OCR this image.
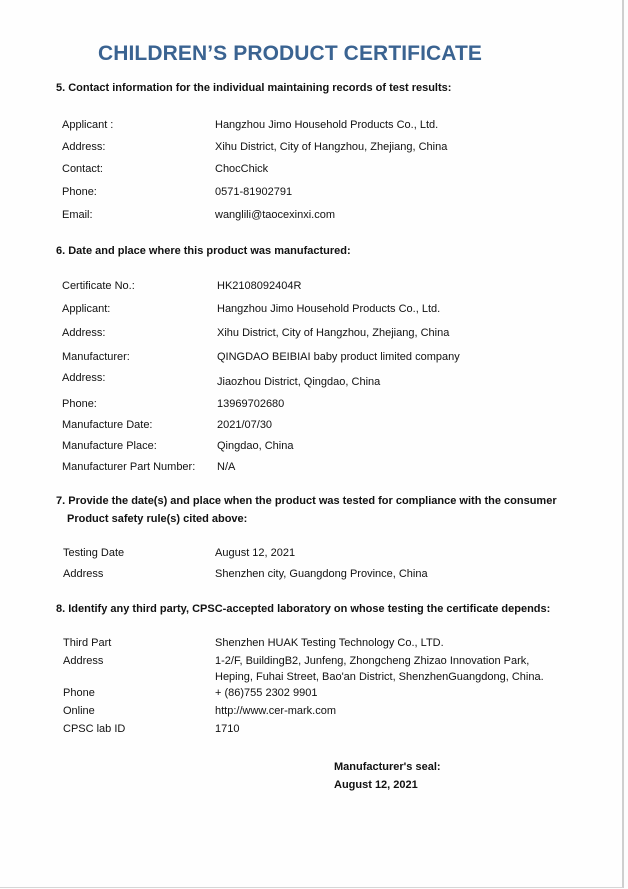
CHILDREN’S PRODUCT CERTIFICATE
5. Contact information for the individual maintaining records of test results:
Applicant :	Hangzhou Jimo Household Products Co., Ltd.
Address:	Xihu District, City of Hangzhou, Zhejiang, China
Contact:	ChocChick
Phone:	0571-81902791
Email:	wanglili@taocexinxi.com
6. Date and place where this product was manufactured:
Certificate No.:	HK2108092404R
Applicant:	Hangzhou Jimo Household Products Co., Ltd.
Address:	Xihu District, City of Hangzhou, Zhejiang, China
Manufacturer:	QINGDAO BEIBIAI baby product limited company
Address:	Jiaozhou District, Qingdao, China
Phone:	13969702680
Manufacture Date:	2021/07/30
Manufacture Place:	Qingdao, China
Manufacturer Part Number: N/A
7. Provide the date(s) and place when the product was tested for compliance with the consumer
Product safety rule(s) cited above:
Testing Date	August 12, 2021
Address	Shenzhen city, Guangdong Province, China
8. Identify any third party, CPSC-accepted laboratory on whose testing the certificate depends:
Third Part	Shenzhen HUAK Testing Technology Co., LTD.
Address	1-2/F, BuildingB2, Junfeng, Zhongcheng Zhizao Innovation Park,
Heping, Fuhai Street, Bao'an District, ShenzhenGuangdong, China.
Phone	+ (86)755 2302 9901
Online	http://www.cer-mark.com
CPSC lab ID	1710
Manufacturer's seal:
August 12, 2021
